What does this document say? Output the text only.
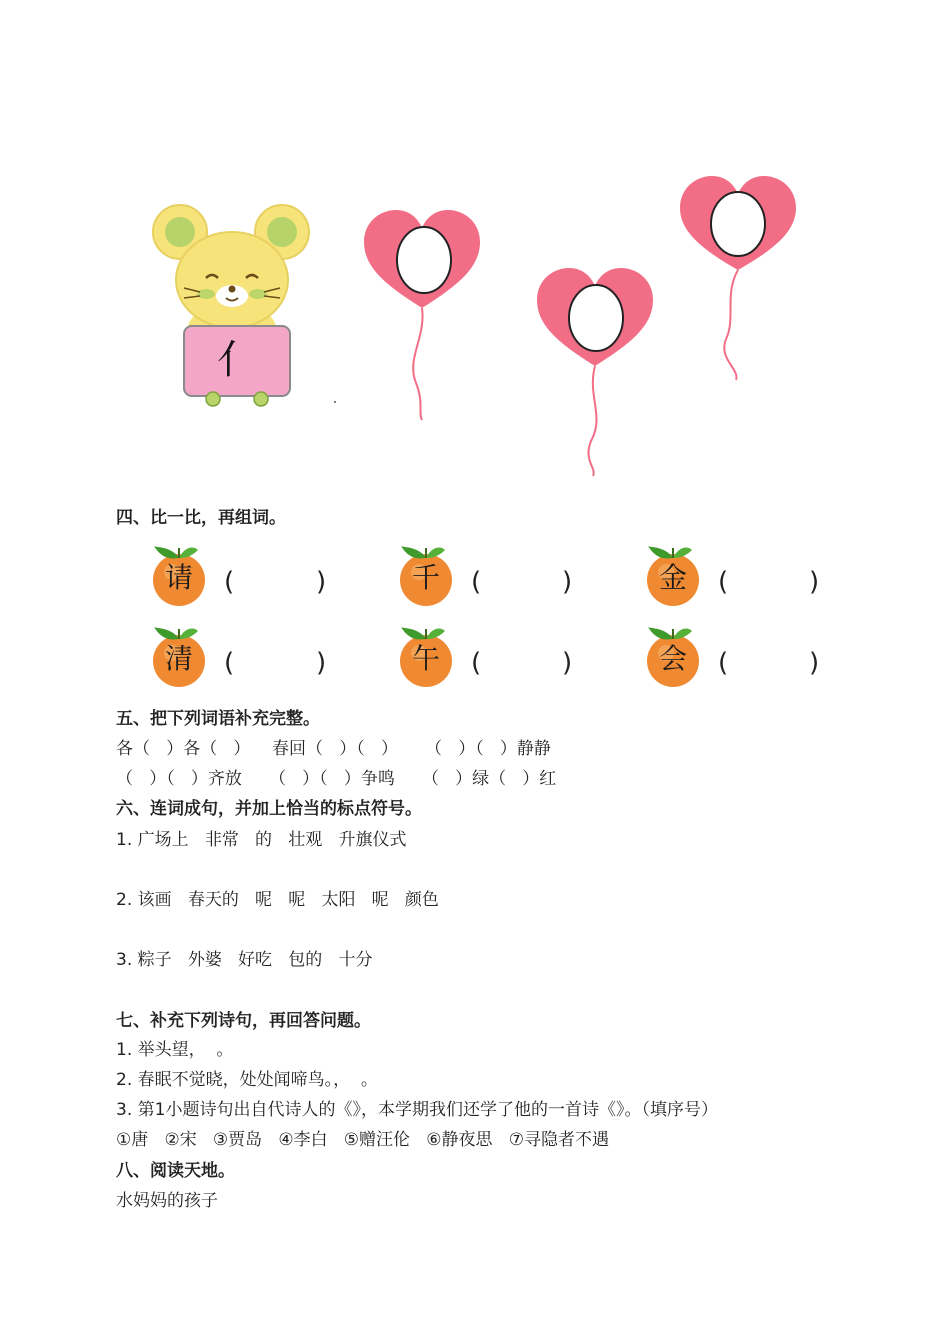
亻
四、比一比，再组词。
请	(	)	千	(	)	金	(	)
清	(	)	午	(	)	会	(	)
五、把下列词语补充完整。
各（   ）各（   ）    春回（   ）（   ）     （   ）（   ）静静
（   ）（   ）齐放     （   ）（   ）争鸣     （   ）绿（   ）红
六、连词成句，并加上恰当的标点符号。
1. 广场上   非常   的   壮观   升旗仪式
2. 该画   春天的   呢   呢   太阳   呢   颜色
3. 粽子   外婆   好吃   包的   十分
七、补充下列诗句，再回答问题。
1. 举头望，  。
2. 春眠不觉晓，处处闻啼鸟。，  。
3. 第1小题诗句出自代诗人的《》，本学期我们还学了他的一首诗《》。（填序号）
①唐   ②宋   ③贾岛   ④李白   ⑤赠汪伦   ⑥静夜思   ⑦寻隐者不遇
八、阅读天地。
水妈妈的孩子
